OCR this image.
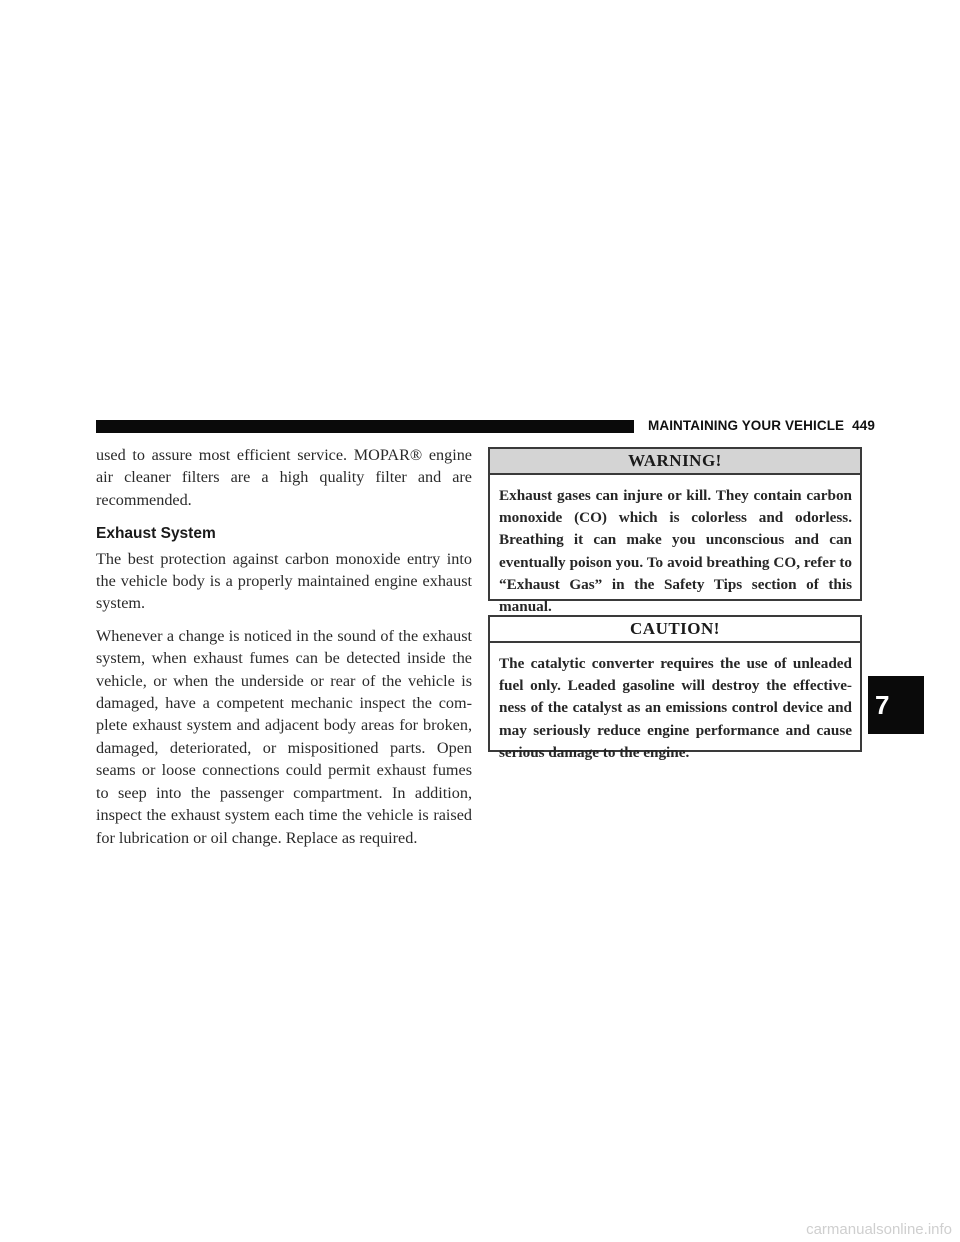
MAINTAINING YOUR VEHICLE 449

used to assure most efficient service. MOPAR® engine air cleaner filters are a high quality filter and are recommended.

Exhaust System

The best protection against carbon monoxide entry into the vehicle body is a properly maintained engine exhaust system.

Whenever a change is noticed in the sound of the exhaust system, when exhaust fumes can be detected inside the vehicle, or when the underside or rear of the vehicle is damaged, have a competent mechanic inspect the com-plete exhaust system and adjacent body areas for broken, damaged, deteriorated, or mispositioned parts. Open seams or loose connections could permit exhaust fumes to seep into the passenger compartment. In addition, inspect the exhaust system each time the vehicle is raised for lubrication or oil change. Replace as required.

WARNING!
Exhaust gases can injure or kill. They contain carbon monoxide (CO) which is colorless and odorless. Breathing it can make you unconscious and can eventually poison you. To avoid breathing CO, refer to “Exhaust Gas” in the Safety Tips section of this manual.
CAUTION!
The catalytic converter requires the use of unleaded fuel only. Leaded gasoline will destroy the effective-ness of the catalyst as an emissions control device and may seriously reduce engine performance and cause serious damage to the engine.
7
carmanualsonline.info
